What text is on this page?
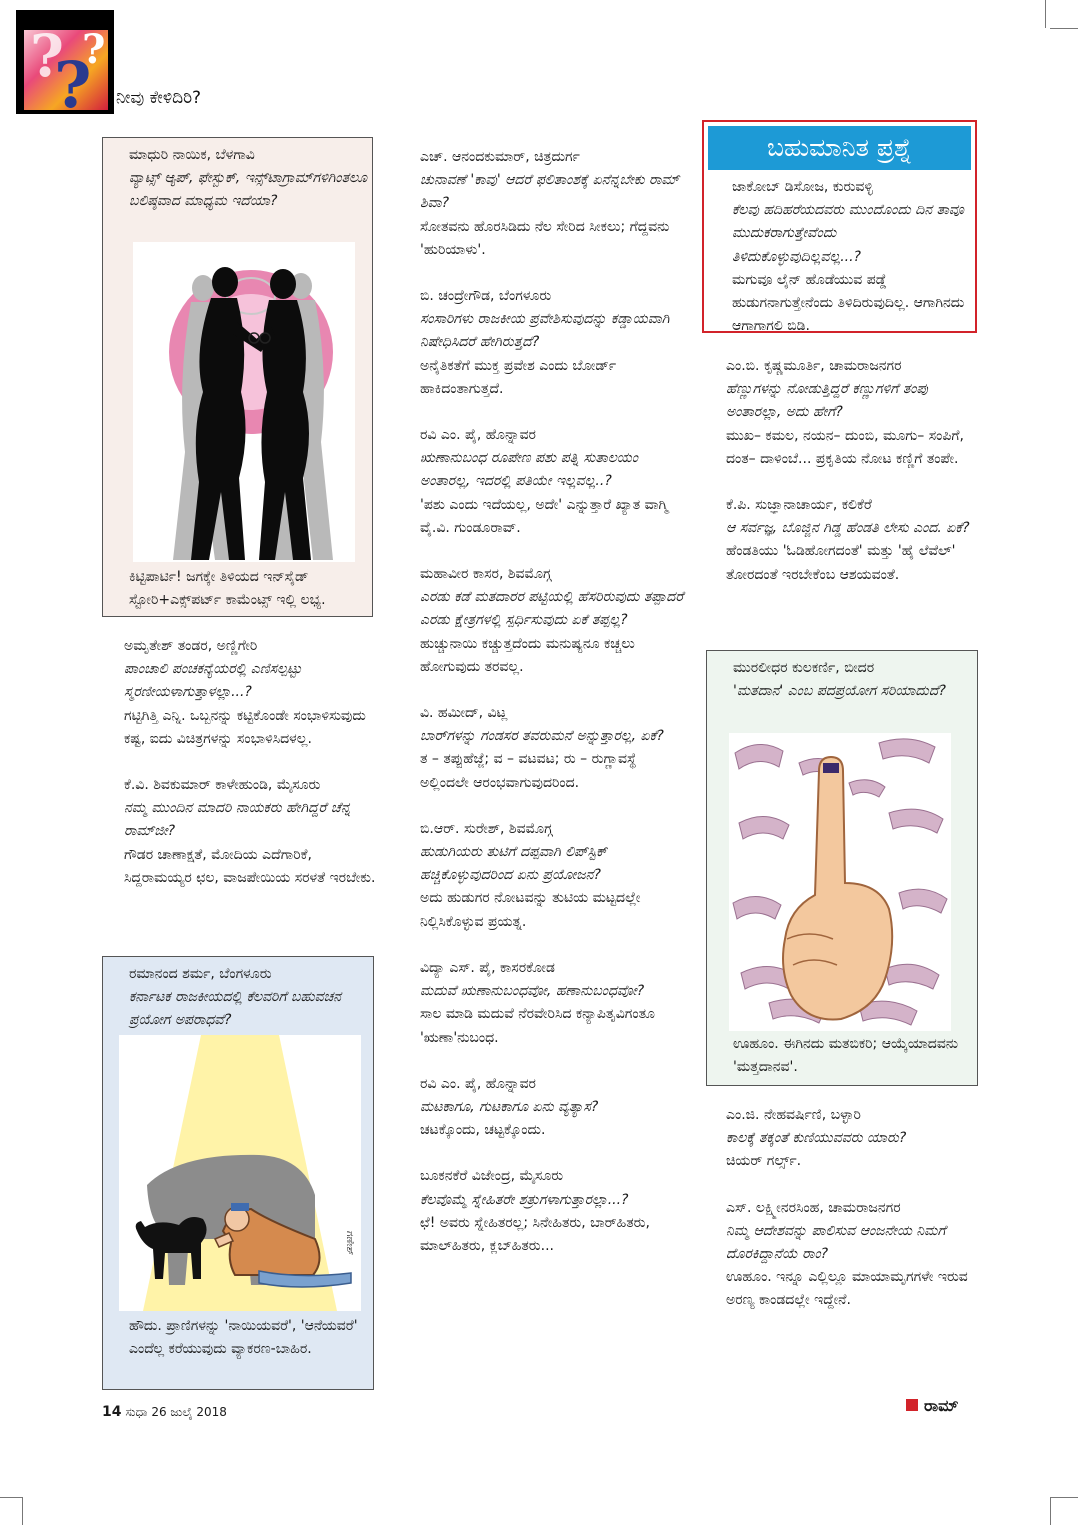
?
?
?
ನೀವು ಕೇಳಿದಿರಿ?

ಮಾಧುರಿ ನಾಯಿಕ, ಬೆಳಗಾವಿ

ವ್ಯಾಟ್ಸ್ ಆ್ಯಪ್, ಫೇಸ್ಬುಕ್, ಇನ್ಸ್‌ಟಾಗ್ರಾಮ್‌ಗಳಿಗಿಂತಲೂ ಬಲಿಷ್ಠವಾದ ಮಾಧ್ಯಮ ಇದೆಯಾ?

ಕಿಟ್ಟಿಪಾರ್ಟಿ! ಜಗಕ್ಕೇ ತಿಳಿಯದ ಇನ್‌ಸೈಡ್ ಸ್ಟೋರಿ+ಎಕ್ಸ್‌ಪರ್ಟ್ ಕಾಮೆಂಟ್ಸ್ ಇಲ್ಲಿ ಲಭ್ಯ.

ಅಮೃತೇಶ್ ತಂಡರ, ಅಣ್ಣಿಗೇರಿ

ಪಾಂಚಾಲಿ ಪಂಚಕನ್ಯೆಯರಲ್ಲಿ ಎಣಿಸಲ್ಪಟ್ಟು ಸ್ಮರಣೀಯಳಾಗುತ್ತಾಳಲ್ಲಾ...?

ಗಟ್ಟಿಗಿತ್ತಿ ಎನ್ನಿ. ಒಬ್ಬನನ್ನು ಕಟ್ಟಿಕೊಂಡೇ ಸಂಭಾಳಿಸುವುದು ಕಷ್ಟ, ಐದು ವಿಚಿತ್ರಗಳನ್ನು ಸಂಭಾಳಿಸಿದಳಲ್ಲ.

ಕೆ.ವಿ. ಶಿವಕುಮಾರ್ ಕಾಳೇಹುಂಡಿ, ಮೈಸೂರು

ನಮ್ಮ ಮುಂದಿನ ಮಾದರಿ ನಾಯಕರು ಹೇಗಿದ್ದರೆ ಚೆನ್ನ ರಾಮ್‌ಜೀ?

ಗೌಡರ ಚಾಣಾಕ್ಷತೆ, ಮೋದಿಯ ಎದೆಗಾರಿಕೆ, ಸಿದ್ದರಾಮಯ್ಯರ ಛಲ, ವಾಜಪೇಯಿಯ ಸರಳತೆ ಇರಬೇಕು.

ರಮಾನಂದ ಶರ್ಮ, ಬೆಂಗಳೂರು

ಕರ್ನಾಟಕ ರಾಜಕೀಯದಲ್ಲಿ ಕೆಲವರಿಗೆ ಬಹುವಚನ ಪ್ರಯೋಗ ಅಪರಾಧವೆ?

ಗಣೇಶ್

ಹೌದು. ಪ್ರಾಣಿಗಳನ್ನು 'ನಾಯಿಯವರೆ', 'ಆನೆಯವರೆ' ಎಂದೆಲ್ಲ ಕರೆಯುವುದು ವ್ಯಾಕರಣ-ಬಾಹಿರ.

ಎಚ್. ಆನಂದಕುಮಾರ್, ಚಿತ್ರದುರ್ಗ

ಚುನಾವಣೆ 'ಕಾವು' ಆದರೆ ಫಲಿತಾಂಶಕ್ಕೆ ಏನೆನ್ನಬೇಕು ರಾಮ್ ಶಿವಾ?

ಸೋತವನು ಹೊರಸಿಡಿದು ನೆಲ ಸೇರಿದ ಸೀಕಲು; ಗೆದ್ದವನು 'ಹುರಿಯಾಳು'.

ಬಿ. ಚಂದ್ರೇಗೌಡ, ಬೆಂಗಳೂರು

ಸಂಸಾರಿಗಳು ರಾಜಕೀಯ ಪ್ರವೇಶಿಸುವುದನ್ನು ಕಡ್ಡಾಯವಾಗಿ ನಿಷೇಧಿಸಿದರೆ ಹೇಗಿರುತ್ತದೆ?

ಅನೈತಿಕತೆಗೆ ಮುಕ್ತ ಪ್ರವೇಶ ಎಂದು ಬೋರ್ಡ್ ಹಾಕಿದಂತಾಗುತ್ತದೆ.

ರವಿ ಎಂ. ಪೈ, ಹೊನ್ನಾವರ

ಋಣಾನುಬಂಧ ರೂಪೇಣ ಪಶು ಪತ್ನಿ ಸುತಾಲಯಂ ಅಂತಾರಲ್ಲ, ಇದರಲ್ಲಿ ಪತಿಯೇ ಇಲ್ಲವಲ್ಲ..?

'ಪಶು ಎಂದು ಇದೆಯಲ್ಲ, ಅದೇ' ಎನ್ನುತ್ತಾರೆ ಖ್ಯಾತ ವಾಗ್ಮಿ ವೈ.ವಿ. ಗುಂಡೂರಾವ್.

ಮಹಾವೀರ ಕಾಸರ, ಶಿವಮೊಗ್ಗ

ಎರಡು ಕಡೆ ಮತದಾರರ ಪಟ್ಟಿಯಲ್ಲಿ ಹೆಸರಿರುವುದು ತಪ್ಪಾದರೆ ಎರಡು ಕ್ಷೇತ್ರಗಳಲ್ಲಿ ಸ್ಪರ್ಧಿಸುವುದು ಏಕೆ ತಪ್ಪಲ್ಲ?

ಹುಚ್ಚುನಾಯಿ ಕಚ್ಚುತ್ತದೆಂದು ಮನುಷ್ಯನೂ ಕಚ್ಚಲು ಹೋಗುವುದು ತರವಲ್ಲ.

ವಿ. ಹಮೀದ್, ವಿಟ್ಲ

ಬಾರ್‌ಗಳನ್ನು ಗಂಡಸರ ತವರುಮನೆ ಅನ್ನುತ್ತಾರಲ್ಲ, ಏಕೆ?

ತ – ತಪ್ಪುಹೆಜ್ಜೆ; ವ – ವಟವಟ; ರು – ರುಗ್ಣಾವಸ್ಥೆ ಅಲ್ಲಿಂದಲೇ ಆರಂಭವಾಗುವುದರಿಂದ.

ಬಿ.ಆರ್. ಸುರೇಶ್, ಶಿವಮೊಗ್ಗ

ಹುಡುಗಿಯರು ತುಟಿಗೆ ದಪ್ಪವಾಗಿ ಲಿಪ್‌ಸ್ಟಿಕ್ ಹಚ್ಚಿಕೊಳ್ಳುವುದರಿಂದ ಏನು ಪ್ರಯೋಜನ?

ಅದು ಹುಡುಗರ ನೋಟವನ್ನು ತುಟಿಯ ಮಟ್ಟದಲ್ಲೇ ನಿಲ್ಲಿಸಿಕೊಳ್ಳುವ ಪ್ರಯತ್ನ.

ವಿದ್ಯಾ ಎಸ್. ಪೈ, ಕಾಸರಕೋಡ

ಮದುವೆ ಋಣಾನುಬಂಧವೋ, ಹಣಾನುಬಂಧವೋ?

ಸಾಲ ಮಾಡಿ ಮದುವೆ ನೆರವೇರಿಸಿದ ಕನ್ಯಾಪಿತೃವಿಗಂತೂ 'ಋಣಾ'ನುಬಂಧ.

ರವಿ ಎಂ. ಪೈ, ಹೊನ್ನಾವರ

ಮಟಕಾಗೂ, ಗುಟಕಾಗೂ ಏನು ವ್ಯತ್ಯಾಸ?

ಚಟಕ್ಕೊಂದು, ಚಟ್ಟಕ್ಕೊಂದು.

ಬೂಕನಕೆರೆ ವಿಜೇಂದ್ರ, ಮೈಸೂರು

ಕೆಲವೊಮ್ಮೆ ಸ್ನೇಹಿತರೇ ಶತ್ರುಗಳಾಗುತ್ತಾರಲ್ಲಾ...?

ಛೆ! ಅವರು ಸ್ನೇಹಿತರಲ್ಲ; ಸಿನೇಹಿತರು, ಬಾರ್‌ಹಿತರು, ಮಾಲ್‌ಹಿತರು, ಕ್ಲಬ್‌ಹಿತರು...

ಬಹುಮಾನಿತ ಪ್ರಶ್ನೆ

ಜಾಕೋಬ್ ಡಿಸೋಜ, ಕುರುವಳ್ಳಿ

ಕೆಲವು ಹದಿಹರೆಯದವರು ಮುಂದೊಂದು ದಿನ ತಾವೂ ಮುದುಕರಾಗುತ್ತೇವೆಂದು ತಿಳಿದುಕೊಳ್ಳುವುದಿಲ್ಲವಲ್ಲ...?

ಮಗುವೂ ಲೈನ್ ಹೊಡೆಯುವ ಪಡ್ಡೆ ಹುಡುಗನಾಗುತ್ತೇನೆಂದು ತಿಳಿದಿರುವುದಿಲ್ಲ. ಆಗಾಗಿನದು ಆಗಾಗಾಗಲಿ ಬಿಡಿ.

ಎಂ.ಬಿ. ಕೃಷ್ಣಮೂರ್ತಿ, ಚಾಮರಾಜನಗರ

ಹೆಣ್ಣುಗಳನ್ನು ನೋಡುತ್ತಿದ್ದರೆ ಕಣ್ಣುಗಳಿಗೆ ತಂಪು ಅಂತಾರಲ್ಲಾ, ಅದು ಹೇಗೆ?

ಮುಖ– ಕಮಲ, ನಯನ– ದುಂಬಿ, ಮೂಗು– ಸಂಪಿಗೆ, ದಂತ– ದಾಳಿಂಬೆ... ಪ್ರಕೃತಿಯ ನೋಟ ಕಣ್ಣಿಗೆ ತಂಪೇ.

ಕೆ.ಪಿ. ಸುಜ್ಞಾನಾಚಾರ್ಯ, ಕಲಿಕೆರೆ

ಆ ಸರ್ವಜ್ಞ, ಬೊಜ್ಜಿನ ಗಿಡ್ಡ ಹೆಂಡತಿ ಲೇಸು ಎಂದ. ಏಕೆ?

ಹೆಂಡತಿಯು 'ಓಡಿಹೋಗದಂತೆ' ಮತ್ತು 'ಹೈ ಲೆವೆಲ್' ತೋರದಂತೆ ಇರಬೇಕೆಂಬ ಆಶಯವಂತೆ.

ಮುರಲೀಧರ ಕುಲಕರ್ಣಿ, ಬೀದರ

'ಮತದಾನ' ಎಂಬ ಪದಪ್ರಯೋಗ ಸರಿಯಾದುದೆ?

ಊಹೂಂ. ಈಗಿನದು ಮತಬಿಕರಿ; ಆಯ್ಕೆಯಾದವನು 'ಮತ್ತದಾನವ'.

ಎಂ.ಜಿ. ನೇಹವರ್ಷಿಣಿ, ಬಳ್ಳಾರಿ

ಕಾಲಕ್ಕೆ ತಕ್ಕಂತೆ ಕುಣಿಯುವವರು ಯಾರು?

ಚಿಯರ್ ಗರ್ಲ್ಸ್.

ಎಸ್. ಲಕ್ಷ್ಮೀನರಸಿಂಹ, ಚಾಮರಾಜನಗರ

ನಿಮ್ಮ ಆದೇಶವನ್ನು ಪಾಲಿಸುವ ಆಂಜನೇಯ ನಿಮಗೆ ದೊರಕಿದ್ದಾನೆಯೆ ರಾಂ?

ಊಹೂಂ. ಇನ್ನೂ ಎಲ್ಲಿಲ್ಲೂ ಮಾಯಾಮೃಗಗಳೇ ಇರುವ ಅರಣ್ಯ ಕಾಂಡದಲ್ಲೇ ಇದ್ದೇನೆ.

14 ಸುಧಾ 26 ಜುಲೈ 2018	ರಾಮ್
